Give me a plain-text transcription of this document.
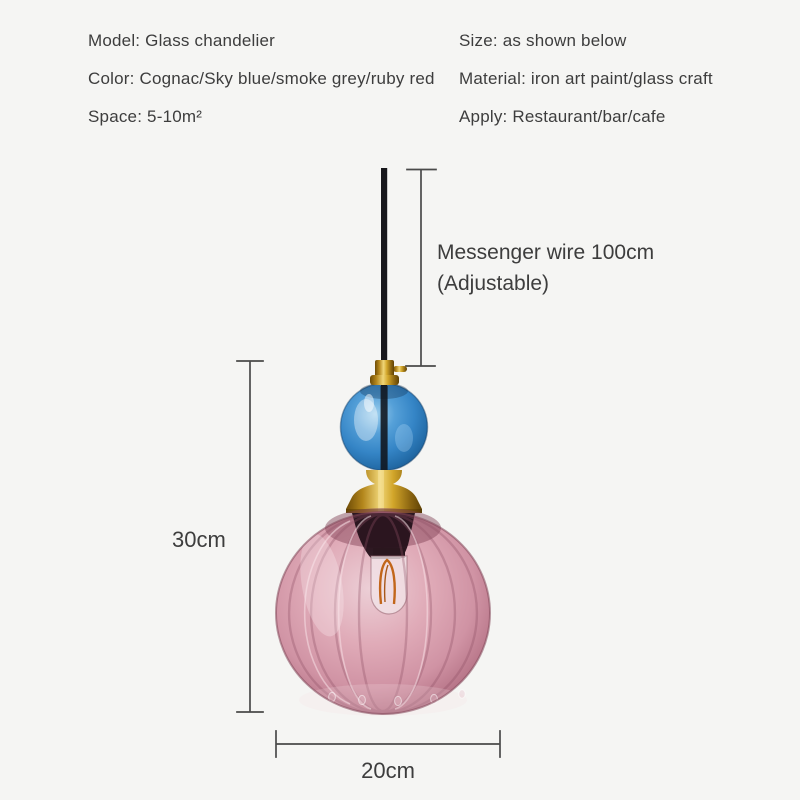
Model: Glass chandelier
Color: Cognac/Sky blue/smoke grey/ruby red
Space: 5-10m²
Size: as shown below
Material: iron art paint/glass craft
Apply: Restaurant/bar/cafe
Messenger wire 100cm
(Adjustable)
30cm
20cm
